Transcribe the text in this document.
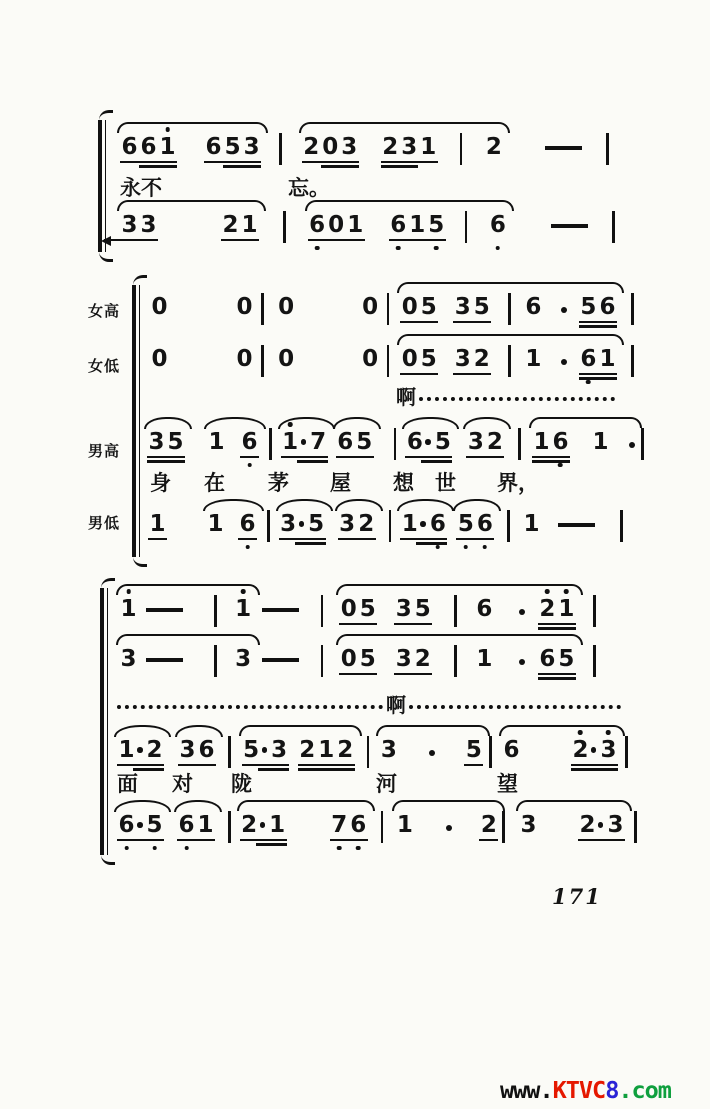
6 6 1 6 5 3 2 0 3 2 3 1 2
永不	忘。
3 3	2 1 6 0 1 6 1 5 6
女高
女低
男高
男低
0	0 0	0 0 5 3 5 6 5 6
0	0 0	0 0 5 3 2 1 6 1
啊
3 5 1 6 1 7 6 5 6 5 3 2 1 6 1
身 在 茅 屋 想 世 界，
1 1 6 3 5 3 2 1 6 5 6 1
1	1	0 5 3 5 6 2 1
3	3	0 5 3 2 1 6 5
啊
1 2 3 6 5 3 2 1 2 3	5 6 2 3
面 对 陇	河	望
6 5 6 1 2 1 7 6 1	2 3 2 3
171
www.KTVC8.com
